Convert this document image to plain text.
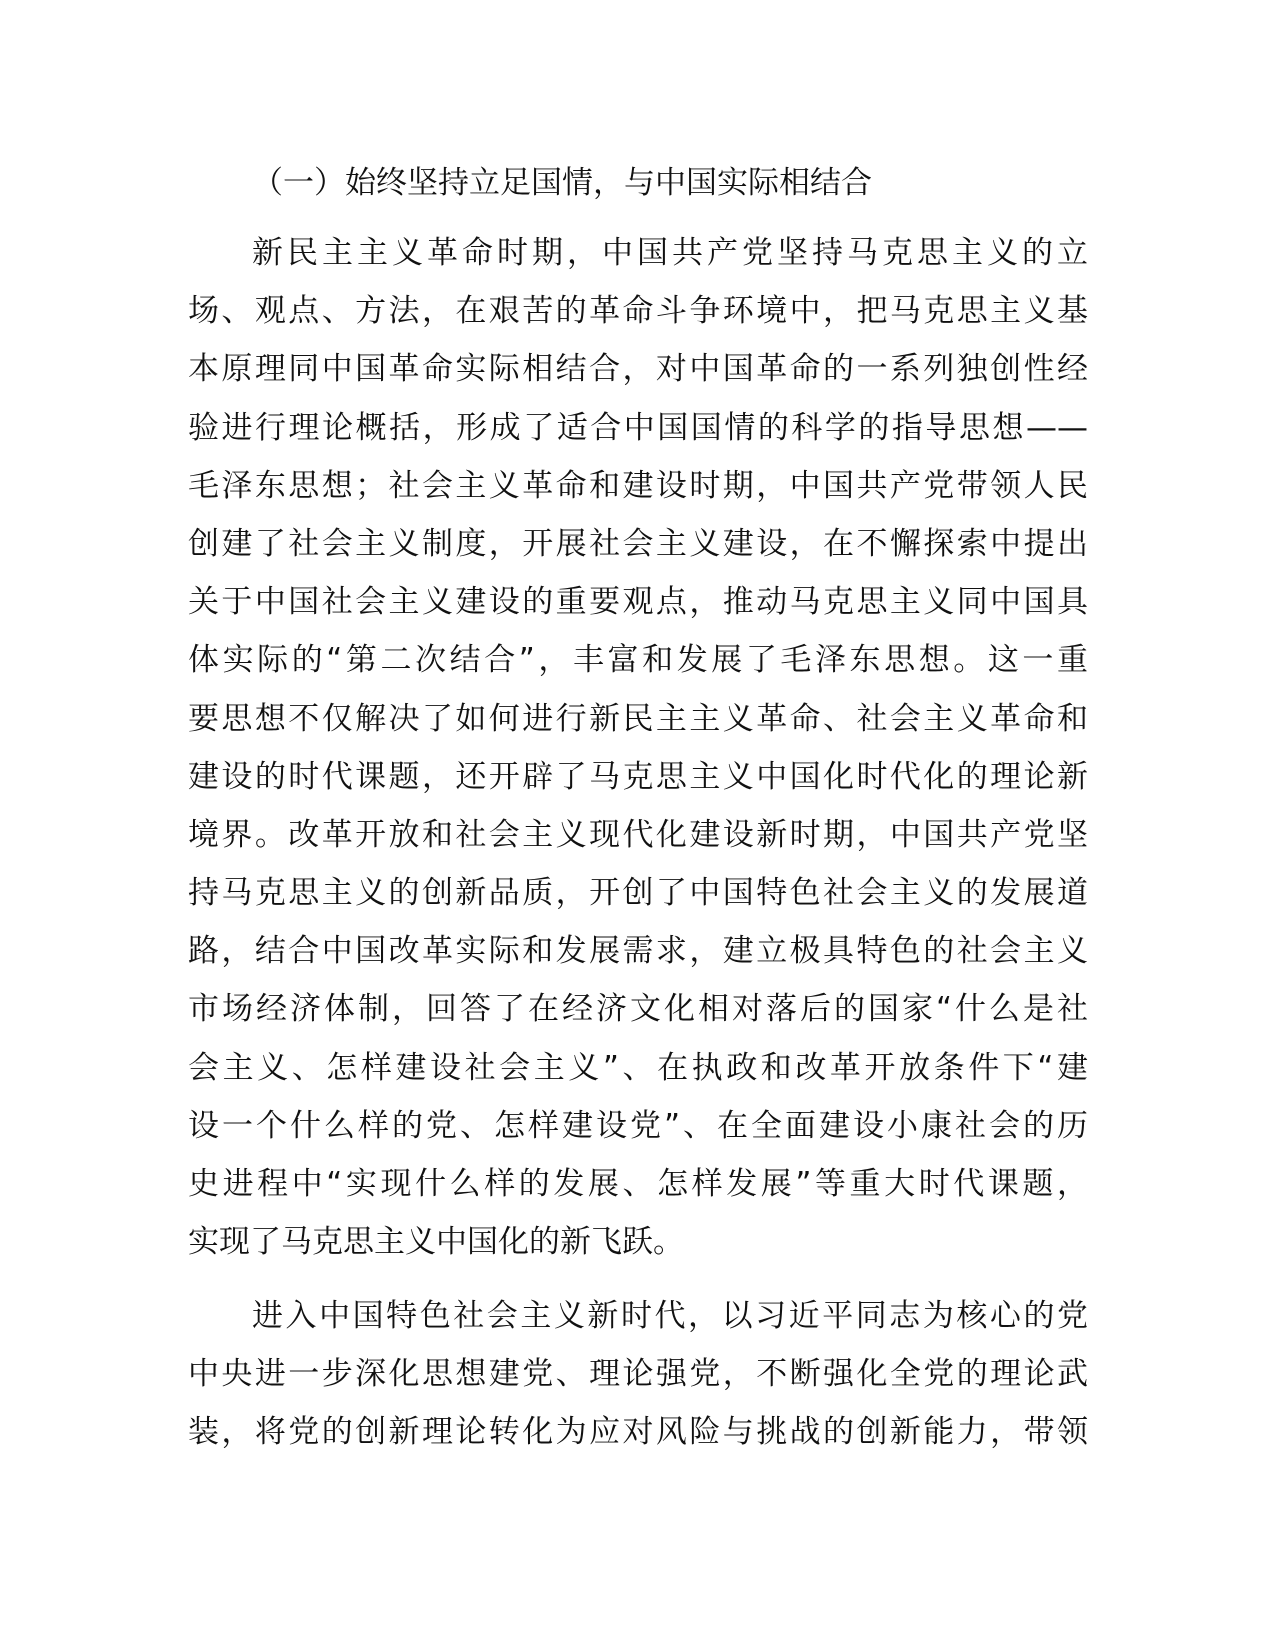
（一）始终坚持立足国情，与中国实际相结合

新民主主义革命时期，中国共产党坚持马克思主义的立
场、观点、方法，在艰苦的革命斗争环境中，把马克思主义基
本原理同中国革命实际相结合，对中国革命的一系列独创性经
验进行理论概括，形成了适合中国国情的科学的指导思想——
毛泽东思想；社会主义革命和建设时期，中国共产党带领人民
创建了社会主义制度，开展社会主义建设，在不懈探索中提出
关于中国社会主义建设的重要观点，推动马克思主义同中国具
体实际的“第二次结合”，丰富和发展了毛泽东思想。这一重
要思想不仅解决了如何进行新民主主义革命、社会主义革命和
建设的时代课题，还开辟了马克思主义中国化时代化的理论新
境界。改革开放和社会主义现代化建设新时期，中国共产党坚
持马克思主义的创新品质，开创了中国特色社会主义的发展道
路，结合中国改革实际和发展需求，建立极具特色的社会主义
市场经济体制，回答了在经济文化相对落后的国家“什么是社
会主义、怎样建设社会主义”、在执政和改革开放条件下“建
设一个什么样的党、怎样建设党”、在全面建设小康社会的历
史进程中“实现什么样的发展、怎样发展”等重大时代课题，
实现了马克思主义中国化的新飞跃。

进入中国特色社会主义新时代，以习近平同志为核心的党
中央进一步深化思想建党、理论强党，不断强化全党的理论武
装，将党的创新理论转化为应对风险与挑战的创新能力，带领
